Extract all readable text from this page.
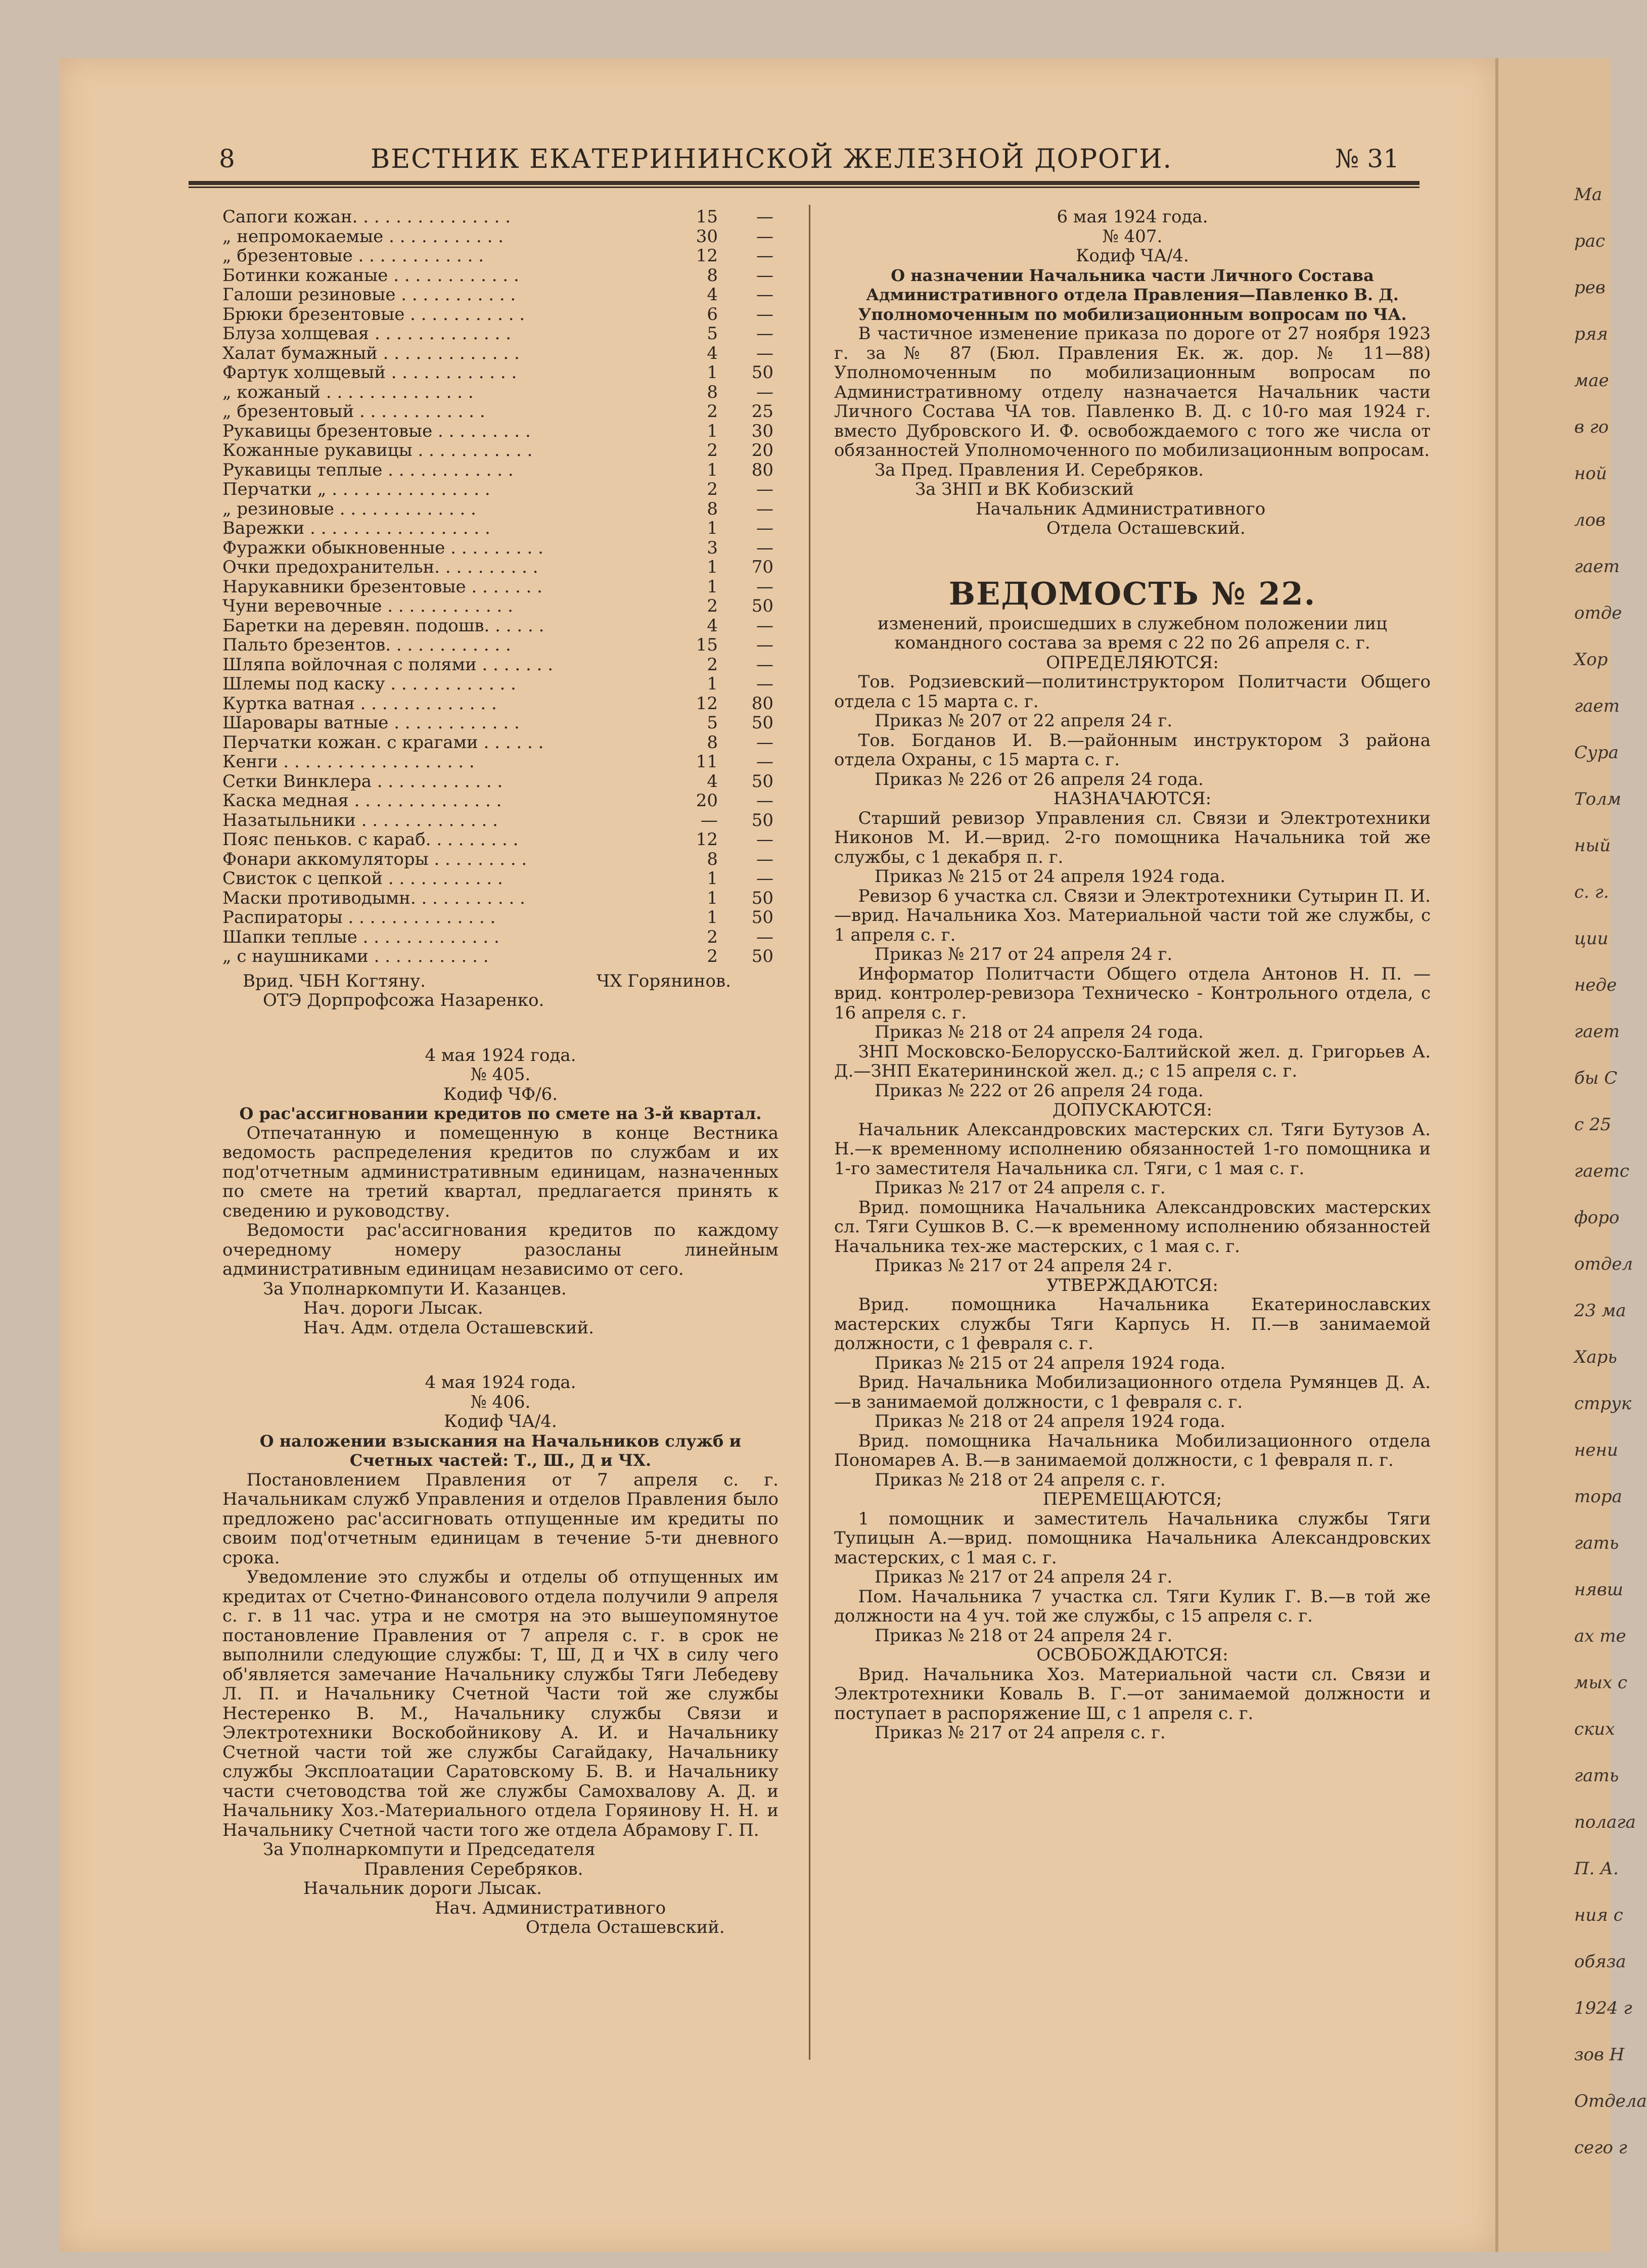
Ма
рас
рев
ряя
мае
в го
ной
лов
гает
отде
Хор
гает
Сура
Толм
ный
с. г.
ции
неде
гает
бы С
с 25
гаетс
форо
отдел
23 ма
Харь
струк
нени
тора
гать
нявш
ах те
мых с
ских
гать
полага
П. А.
ния с
обяза
1924 г
зов Н
Отдела
сего г
8	ВЕСТНИК ЕКАТЕРИНИНСКОЙ ЖЕЛЕЗНОЙ ДОРОГИ.	№ 31
Сапоги кожан. . . . . . . . . . . . . . .	15	—
„ непромокаемые . . . . . . . . . . .	30	—
„ брезентовые . . . . . . . . . . . .	12	—
Ботинки кожаные . . . . . . . . . . . .	8	—
Галоши резиновые . . . . . . . . . . .	4	—
Брюки брезентовые . . . . . . . . . . .	6	—
Блуза холщевая . . . . . . . . . . . . .	5	—
Халат бумажный . . . . . . . . . . . . .	4	—
Фартук холщевый . . . . . . . . . . . .	1	50
„ кожаный . . . . . . . . . . . . . .	8	—
„ брезентовый . . . . . . . . . . . .	2	25
Рукавицы брезентовые . . . . . . . . .	1	30
Кожанные рукавицы . . . . . . . . . . .	2	20
Рукавицы теплые . . . . . . . . . . . .	1	80
Перчатки „ . . . . . . . . . . . . . . .	2	—
„ резиновые . . . . . . . . . . . . .	8	—
Варежки . . . . . . . . . . . . . . . . .	1	—
Фуражки обыкновенные . . . . . . . . .	3	—
Очки предохранительн. . . . . . . . . .	1	70
Нарукавники брезентовые . . . . . . .	1	—
Чуни веревочные . . . . . . . . . . . .	2	50
Баретки на деревян. подошв. . . . . .	4	—
Пальто брезентов. . . . . . . . . . . .	15	—
Шляпа войлочная с полями . . . . . . .	2	—
Шлемы под каску . . . . . . . . . . . .	1	—
Куртка ватная . . . . . . . . . . . . .	12	80
Шаровары ватные . . . . . . . . . . . .	5	50
Перчатки кожан. с крагами . . . . . .	8	—
Кенги . . . . . . . . . . . . . . . . . .	11	—
Сетки Винклера . . . . . . . . . . . .	4	50
Каска медная . . . . . . . . . . . . . .	20	—
Назатыльники . . . . . . . . . . . . .	—	50
Пояс пеньков. с караб. . . . . . . . .	12	—
Фонари аккомуляторы . . . . . . . . .	8	—
Свисток с цепкой . . . . . . . . . . .	1	—
Маски противодымн. . . . . . . . . . .	1	50
Распираторы . . . . . . . . . . . . . .	1	50
Шапки теплые . . . . . . . . . . . . .	2	—
„ с наушниками . . . . . . . . . . .	2	50
Врид. ЧБН Когтяну.	ЧХ Горянинов.
ОТЭ Дорпрофсожа Назаренко.
4 мая 1924 года.
№ 405.
Кодиф ЧФ/6.
О рас'ассигновании кредитов по смете на 3-й квартал.

Отпечатанную и помещенную в конце Вестника ведомость распределения кредитов по службам и их под'отчетным административным единицам, назначенных по смете на третий квартал, предлагается принять к сведению и руководству.

Ведомости рас'ассигнования кредитов по каждому очередному номеру разосланы линейным административным единицам независимо от сего.

За Уполнаркомпути И. Казанцев.
Нач. дороги Лысак.
Нач. Адм. отдела Осташевский.
4 мая 1924 года.
№ 406.
Кодиф ЧА/4.
О наложении взыскания на Начальников служб и Счетных частей: Т., Ш., Д и ЧХ.

Постановлением Правления от 7 апреля с. г. Начальникам служб Управления и отделов Правления было предложено рас'ассигновать отпущенные им кредиты по своим под'отчетным единицам в течение 5-ти дневного срока.

Уведомление это службы и отделы об отпущенных им кредитах от Счетно-Финансового отдела получили 9 апреля с. г. в 11 час. утра и не смотря на это вышеупомянутое постановление Правления от 7 апреля с. г. в срок не выполнили следующие службы: Т, Ш, Д и ЧХ в силу чего об'является замечание Начальнику службы Тяги Лебедеву Л. П. и Начальнику Счетной Части той же службы Нестеренко В. М., Начальнику службы Связи и Электротехники Воскобойникову А. И. и Начальнику Счетной части той же службы Сагайдаку, Начальнику службы Эксплоатации Саратовскому Б. В. и Начальнику части счетоводства той же службы Самохвалову А. Д. и Начальнику Хоз.-Материального отдела Горяинову Н. Н. и Начальнику Счетной части того же отдела Абрамову Г. П.

За Уполнаркомпути и Председателя
Правления Серебряков.
Начальник дороги Лысак.
Нач. Административного
Отдела Осташевский.
6 мая 1924 года.
№ 407.
Кодиф ЧА/4.
О назначении Начальника части Личного Состава Административного отдела Правления—Павленко В. Д. Уполномоченным по мобилизационным вопросам по ЧА.

В частичное изменение приказа по дороге от 27 ноября 1923 г. за № 87 (Бюл. Правления Ек. ж. дор. № 11—88) Уполномоченным по мобилизационным вопросам по Административному отделу назначается Начальник части Личного Состава ЧА тов. Павленко В. Д. с 10-го мая 1924 г. вместо Дубровского И. Ф. освобождаемого с того же числа от обязанностей Уполномоченного по мобилизационным вопросам.

За Пред. Правления И. Серебряков.
За ЗНП и ВК Кобизский
Начальник Административного
Отдела Осташевский.
ВЕДОМОСТЬ № 22.
изменений, происшедших в служебном положении лиц командного состава за время с 22 по 26 апреля с. г.
ОПРЕДЕЛЯЮТСЯ:

Тов. Родзиевский—политинструктором Политчасти Общего отдела с 15 марта с. г.

Приказ № 207 от 22 апреля 24 г.

Тов. Богданов И. В.—районным инструктором 3 района отдела Охраны, с 15 марта с. г.

Приказ № 226 от 26 апреля 24 года.
НАЗНАЧАЮТСЯ:

Старший ревизор Управления сл. Связи и Электротехники Никонов М. И.—врид. 2-го помощника Начальника той же службы, с 1 декабря п. г.

Приказ № 215 от 24 апреля 1924 года.

Ревизор 6 участка сл. Связи и Электротехники Сутырин П. И.—врид. Начальника Хоз. Материальной части той же службы, с 1 апреля с. г.

Приказ № 217 от 24 апреля 24 г.

Информатор Политчасти Общего отдела Антонов Н. П. —врид. контролер-ревизора Техническо - Контрольного отдела, с 16 апреля с. г.

Приказ № 218 от 24 апреля 24 года.

ЗНП Московско-Белорусско-Балтийской жел. д. Григорьев А. Д.—ЗНП Екатерининской жел. д.; с 15 апреля с. г.

Приказ № 222 от 26 апреля 24 года.
ДОПУСКАЮТСЯ:

Начальник Александровских мастерских сл. Тяги Бутузов А. Н.—к временному исполнению обязанностей 1-го помощника и 1-го заместителя Начальника сл. Тяги, с 1 мая с. г.

Приказ № 217 от 24 апреля с. г.

Врид. помощника Начальника Александровских мастерских сл. Тяги Сушков В. С.—к временному исполнению обязанностей Начальника тех-же мастерских, с 1 мая с. г.

Приказ № 217 от 24 апреля 24 г.
УТВЕРЖДАЮТСЯ:

Врид. помощника Начальника Екатеринославских мастерских службы Тяги Карпусь Н. П.—в занимаемой должности, с 1 февраля с. г.

Приказ № 215 от 24 апреля 1924 года.

Врид. Начальника Мобилизационного отдела Румянцев Д. А.—в занимаемой должности, с 1 февраля с. г.

Приказ № 218 от 24 апреля 1924 года.

Врид. помощника Начальника Мобилизационного отдела Пономарев А. В.—в занимаемой должности, с 1 февраля п. г.

Приказ № 218 от 24 апреля с. г.
ПЕРЕМЕЩАЮТСЯ;

1 помощник и заместитель Начальника службы Тяги Тупицын А.—врид. помощника Начальника Александровских мастерских, с 1 мая с. г.

Приказ № 217 от 24 апреля 24 г.

Пом. Начальника 7 участка сл. Тяги Кулик Г. В.—в той же должности на 4 уч. той же службы, с 15 апреля с. г.

Приказ № 218 от 24 апреля 24 г.
ОСВОБОЖДАЮТСЯ:

Врид. Начальника Хоз. Материальной части сл. Связи и Электротехники Коваль В. Г.—от занимаемой должности и поступает в распоряжение Ш, с 1 апреля с. г.

Приказ № 217 от 24 апреля с. г.
